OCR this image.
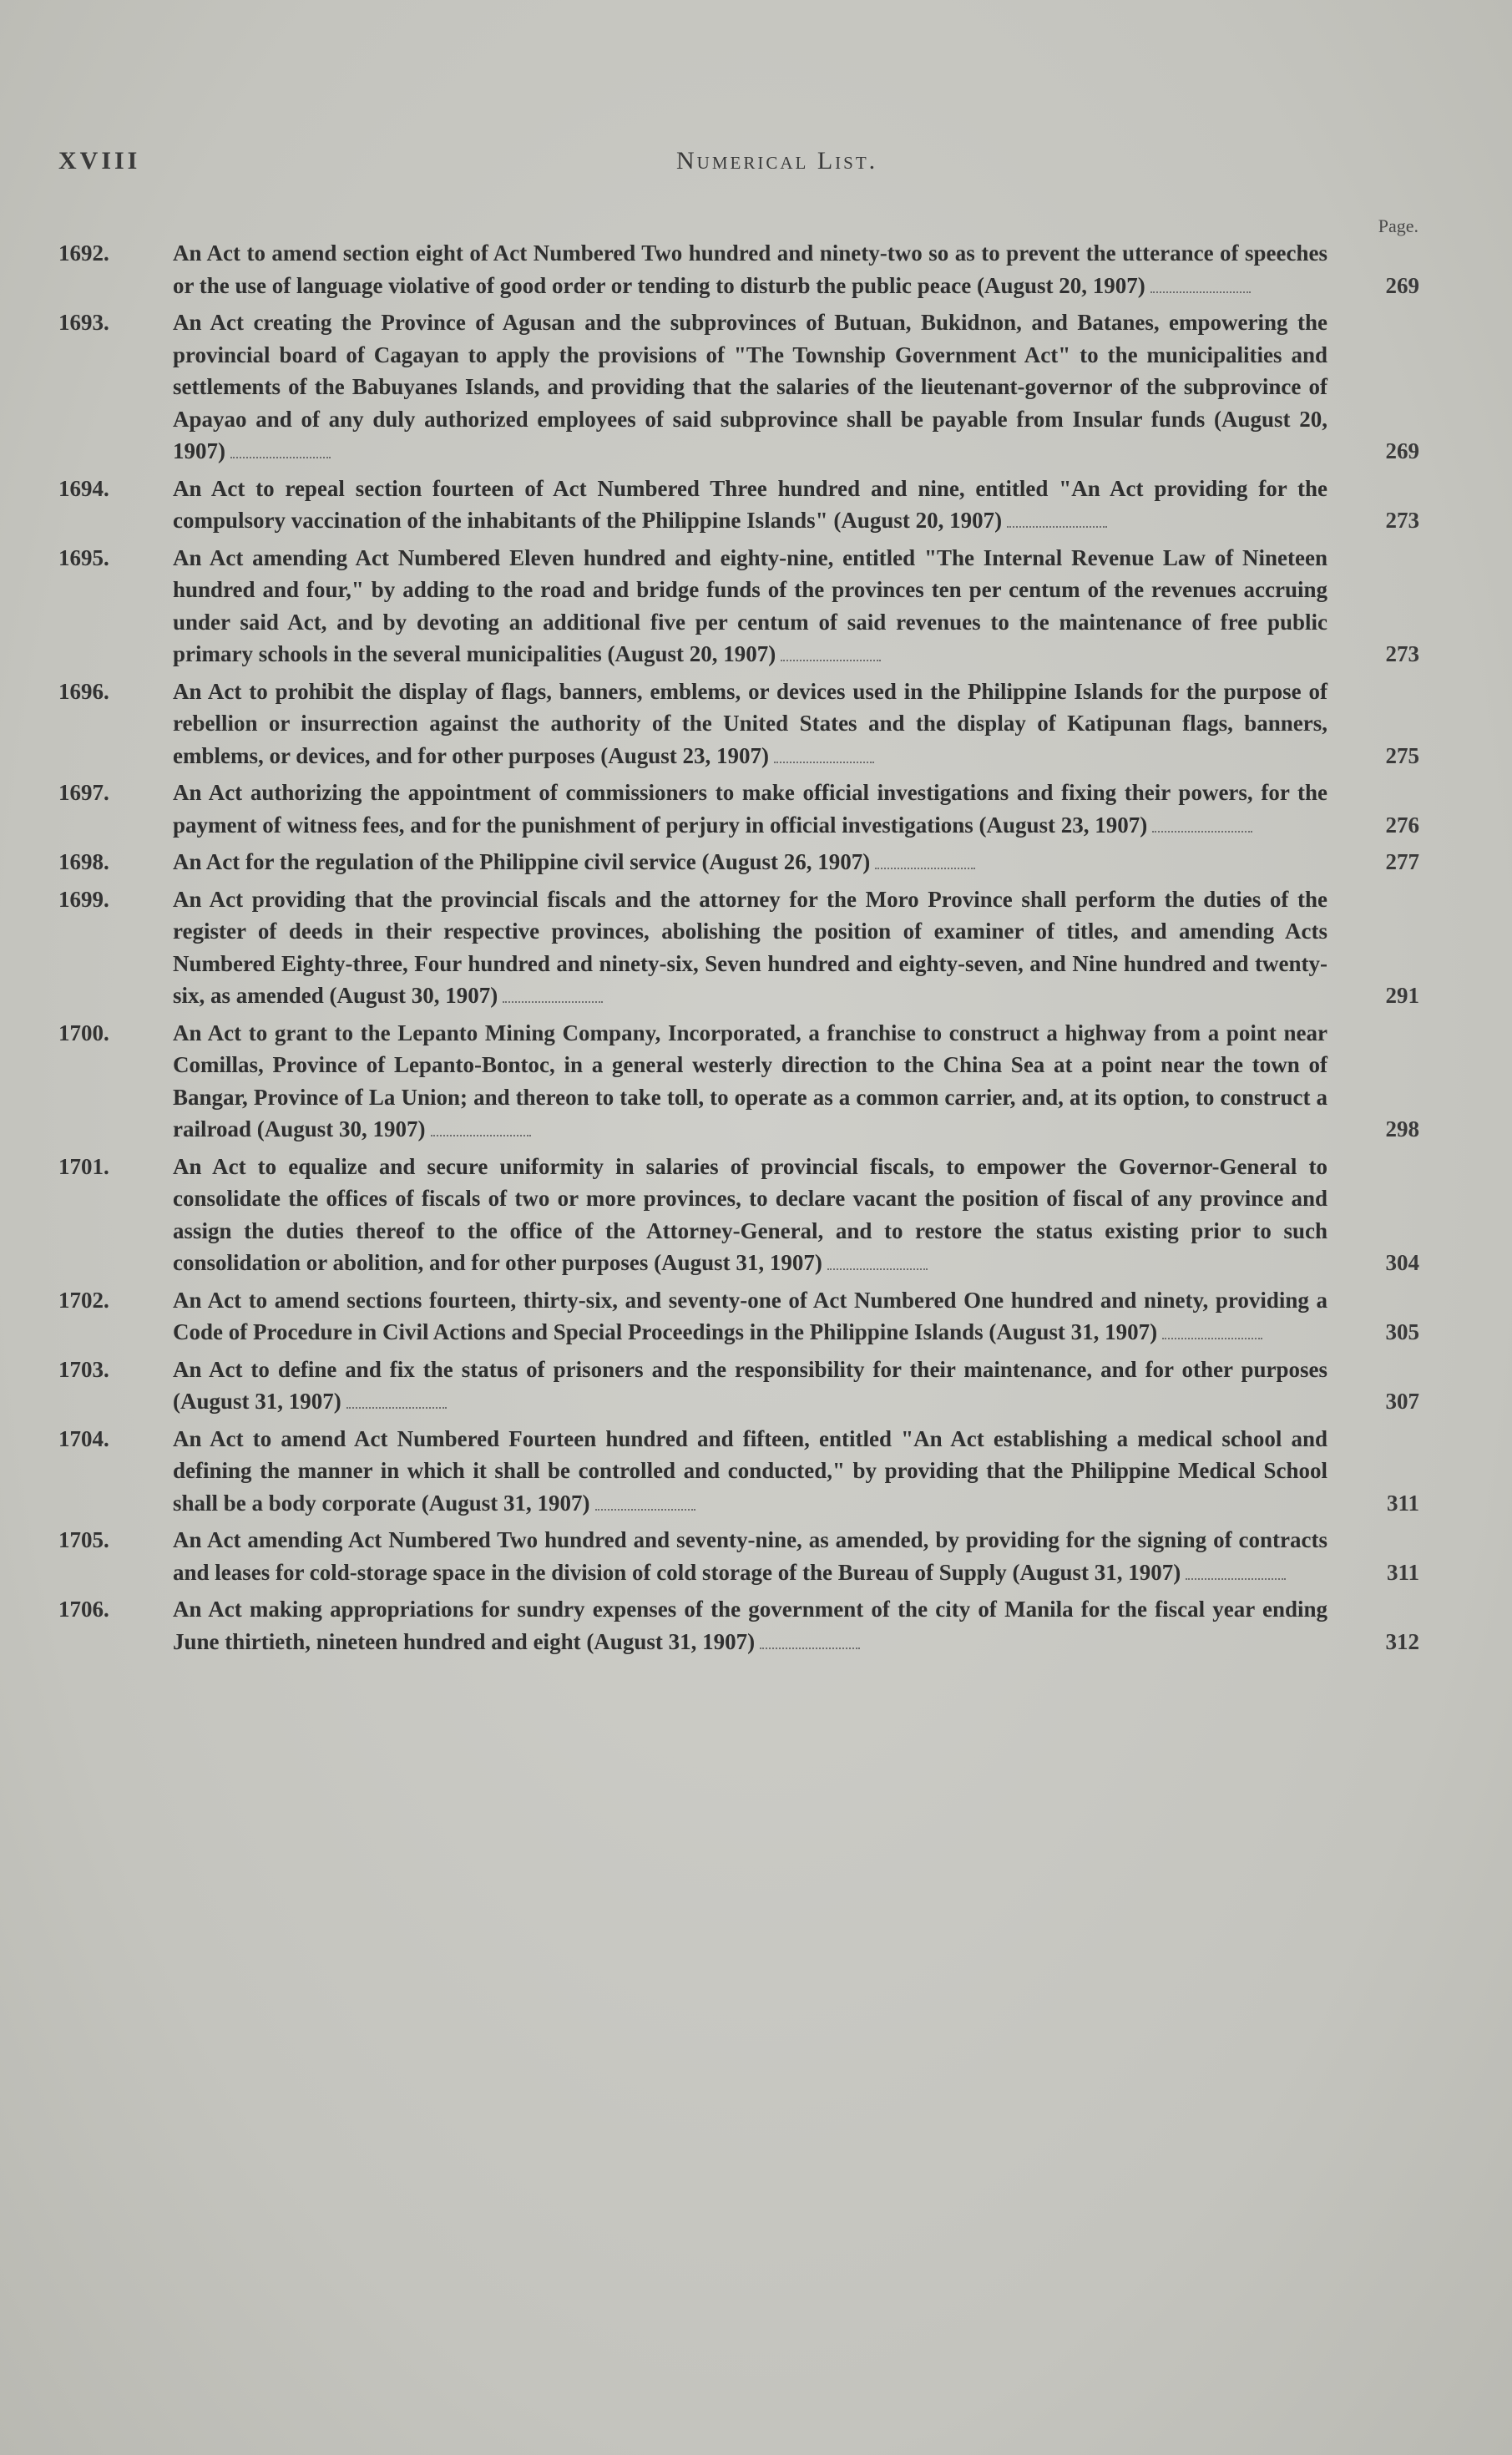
XVIII	Numerical List.
Page.
1692.	An Act to amend section eight of Act Numbered Two hundred and ninety-two so as to prevent the utterance of speeches or the use of language violative of good order or tending to disturb the public peace (August 20, 1907)	269
1693.	An Act creating the Province of Agusan and the subprovinces of Butuan, Bukidnon, and Batanes, empowering the provincial board of Cagayan to apply the provisions of "The Township Government Act" to the municipalities and settlements of the Babuyanes Islands, and providing that the salaries of the lieutenant-governor of the subprovince of Apayao and of any duly authorized employees of said subprovince shall be payable from Insular funds (August 20, 1907)	269
1694.	An Act to repeal section fourteen of Act Numbered Three hundred and nine, entitled "An Act providing for the compulsory vaccination of the inhabitants of the Philippine Islands" (August 20, 1907)	273
1695.	An Act amending Act Numbered Eleven hundred and eighty-nine, entitled "The Internal Revenue Law of Nineteen hundred and four," by adding to the road and bridge funds of the provinces ten per centum of the revenues accruing under said Act, and by devoting an additional five per centum of said revenues to the maintenance of free public primary schools in the several municipalities (August 20, 1907)	273
1696.	An Act to prohibit the display of flags, banners, emblems, or devices used in the Philippine Islands for the purpose of rebellion or insurrection against the authority of the United States and the display of Katipunan flags, banners, emblems, or devices, and for other purposes (August 23, 1907)	275
1697.	An Act authorizing the appointment of commissioners to make official investigations and fixing their powers, for the payment of witness fees, and for the punishment of perjury in official investigations (August 23, 1907)	276
1698.	An Act for the regulation of the Philippine civil service (August 26, 1907)	277
1699.	An Act providing that the provincial fiscals and the attorney for the Moro Province shall perform the duties of the register of deeds in their respective provinces, abolishing the position of examiner of titles, and amending Acts Numbered Eighty-three, Four hundred and ninety-six, Seven hundred and eighty-seven, and Nine hundred and twenty-six, as amended (August 30, 1907)	291
1700.	An Act to grant to the Lepanto Mining Company, Incorporated, a franchise to construct a highway from a point near Comillas, Province of Lepanto-Bontoc, in a general westerly direction to the China Sea at a point near the town of Bangar, Province of La Union; and thereon to take toll, to operate as a common carrier, and, at its option, to construct a railroad (August 30, 1907)	298
1701.	An Act to equalize and secure uniformity in salaries of provincial fiscals, to empower the Governor-General to consolidate the offices of fiscals of two or more provinces, to declare vacant the position of fiscal of any province and assign the duties thereof to the office of the Attorney-General, and to restore the status existing prior to such consolidation or abolition, and for other purposes (August 31, 1907)	304
1702.	An Act to amend sections fourteen, thirty-six, and seventy-one of Act Numbered One hundred and ninety, providing a Code of Procedure in Civil Actions and Special Proceedings in the Philippine Islands (August 31, 1907)	305
1703.	An Act to define and fix the status of prisoners and the responsibility for their maintenance, and for other purposes (August 31, 1907)	307
1704.	An Act to amend Act Numbered Fourteen hundred and fifteen, entitled "An Act establishing a medical school and defining the manner in which it shall be controlled and conducted," by providing that the Philippine Medical School shall be a body corporate (August 31, 1907)	311
1705.	An Act amending Act Numbered Two hundred and seventy-nine, as amended, by providing for the signing of contracts and leases for cold-storage space in the division of cold storage of the Bureau of Supply (August 31, 1907)	311
1706.	An Act making appropriations for sundry expenses of the government of the city of Manila for the fiscal year ending June thirtieth, nineteen hundred and eight (August 31, 1907)	312
